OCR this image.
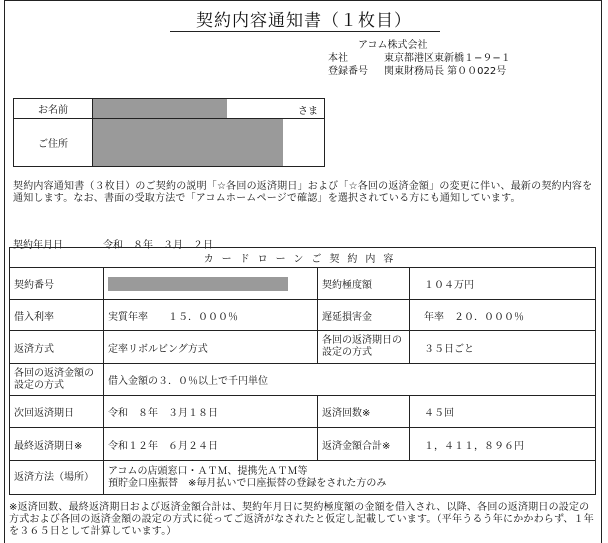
契約内容通知書（１枚目）
アコム株式会社
本社	東京都港区東新橋１−９−１
登録番号 関東財務局長 第００022号
お名前	さま

ご住所	
契約内容通知書（３枚目）のご契約の説明「☆各回の返済期日」および「☆各回の返済金額」の変更に伴い、最新の契約内容を通知します。なお、書面の受取方法で「アコムホームページで確認」を選択されている方にも通知しています。
契約年月日	令和　８年　３月　２日
カードローンご契約内容			
契約番号		契約極度額	１０４万円
借入利率	実質年率　　１５．０００％	遅延損害金	年率　２０．０００％
返済方式	定率リボルビング方式	各回の返済期日の設定の方式	３５日ごと
各回の返済金額の設定の方式	借入金額の３．０％以上で千円単位		
次回返済期日	令和　８年　３月１８日	返済回数※	４５回
最終返済期日※	令和１２年　６月２４日	返済金額合計※	１，４１１，８９６円
返済方法（場所）	アコムの店頭窓口・ＡＴＭ、提携先ＡＴＭ等
預貯金口座振替　※毎月払いで口座振替の登録をされた方のみ		
※返済回数、最終返済期日および返済金額合計は、契約年月日に契約極度額の金額を借入され、以降、各回の返済期日の設定の方式および各回の返済金額の設定の方式に従ってご返済がなされたと仮定し記載しています。（平年うるう年にかかわらず、１年を３６５日として計算しています。）
